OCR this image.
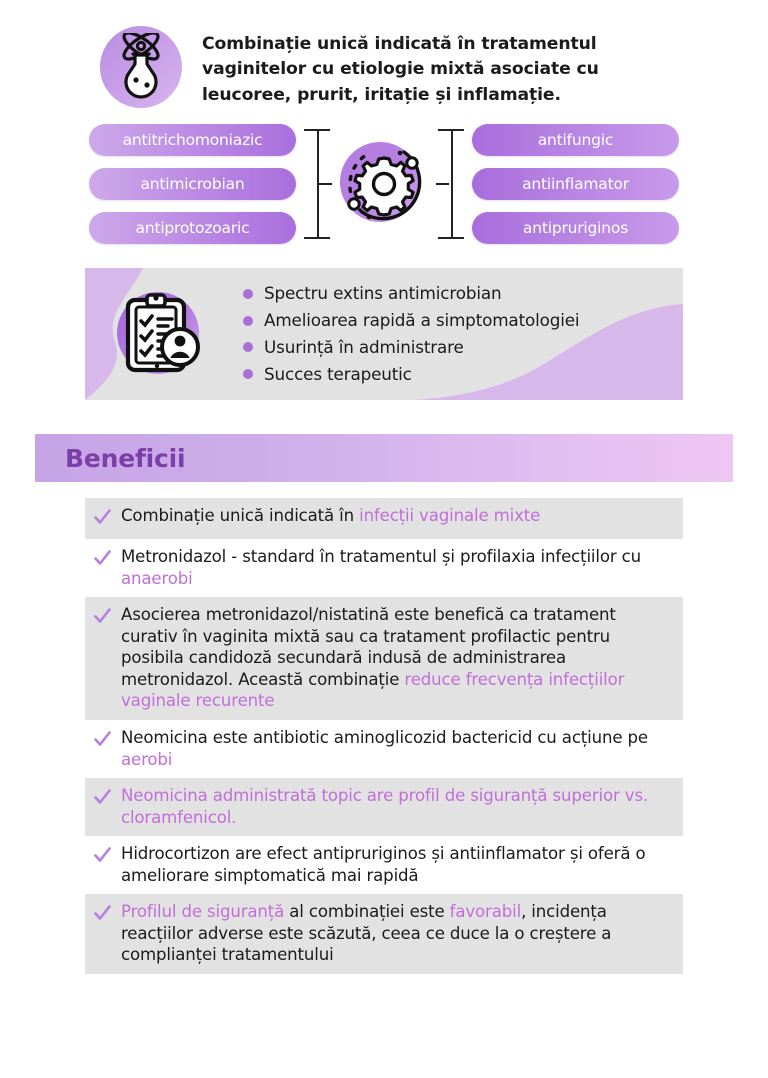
Combinație unică indicată în tratamentul vaginitelor cu etiologie mixtă asociate cu leucoree, prurit, iritație și inflamație.
antitrichomoniazic
antimicrobian
antiprotozoaric
antifungic
antiinflamator
antipruriginos
Spectru extins antimicrobian
Amelioarea rapidă a simptomatologiei
Usurință în administrare
Succes terapeutic
Beneficii
Combinație unică indicată în infecții vaginale mixte
Metronidazol - standard în tratamentul și profilaxia infecțiilor cu anaerobi
Asocierea metronidazol/nistatină este benefică ca tratament curativ în vaginita mixtă sau ca tratament profilactic pentru posibila candidoză secundară indusă de administrarea metronidazol. Această combinație reduce frecvența infecțiilor vaginale recurente
Neomicina este antibiotic aminoglicozid bactericid cu acțiune pe aerobi
Neomicina administrată topic are profil de siguranță superior vs. cloramfenicol.
Hidrocortizon are efect antipruriginos și antiinflamator și oferă o ameliorare simptomatică mai rapidă
Profilul de siguranță al combinației este favorabil, incidența reacțiilor adverse este scăzută, ceea ce duce la o creștere a complianței tratamentului
